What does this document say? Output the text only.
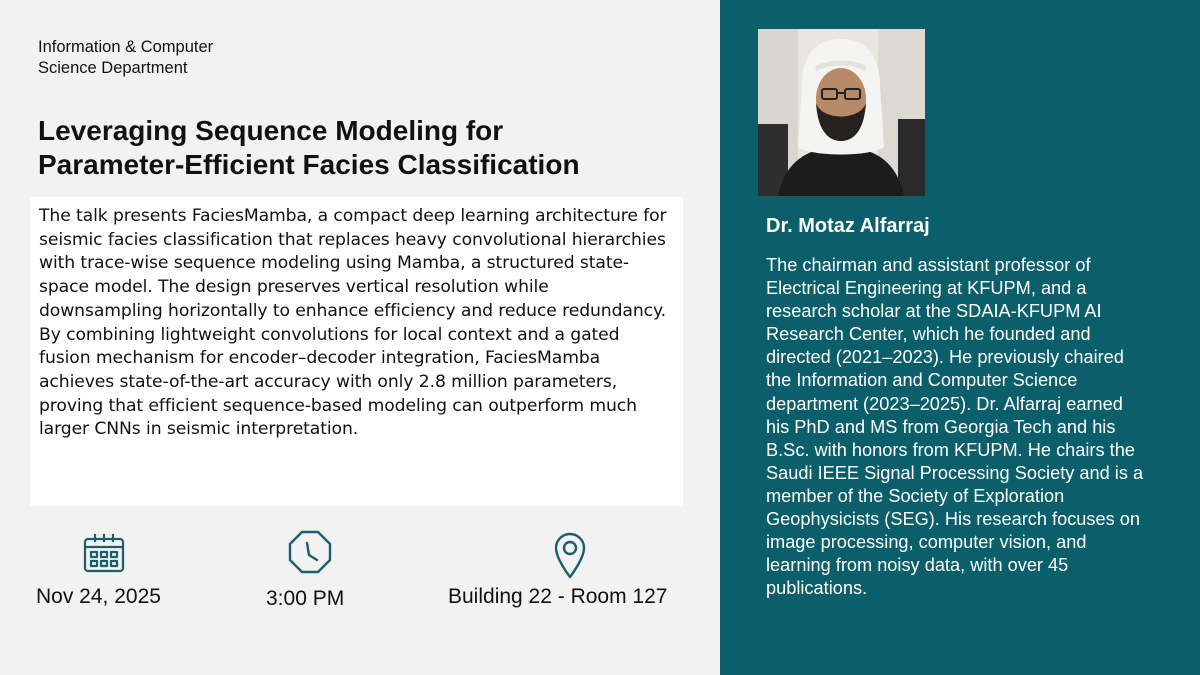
Information & Computer
Science Department
Leveraging Sequence Modeling for
Parameter-Efficient Facies Classification

The talk presents FaciesMamba, a compact deep learning architecture for seismic facies classification that replaces heavy convolutional hierarchies with trace-wise sequence modeling using Mamba, a structured state-space model. The design preserves vertical resolution while downsampling horizontally to enhance efficiency and reduce redundancy. By combining lightweight convolutions for local context and a gated fusion mechanism for encoder–decoder integration, FaciesMamba achieves state-of-the-art accuracy with only 2.8 million parameters, proving that efficient sequence-based modeling can outperform much larger CNNs in seismic interpretation.

Nov 24, 2025	3:00 PM	Building 22 - Room 127
Dr. Motaz Alfarraj

The chairman and assistant professor of Electrical Engineering at KFUPM, and a research scholar at the SDAIA-KFUPM AI Research Center, which he founded and directed (2021–2023). He previously chaired the Information and Computer Science department (2023–2025). Dr. Alfarraj earned his PhD and MS from Georgia Tech and his B.Sc. with honors from KFUPM. He chairs the Saudi IEEE Signal Processing Society and is a member of the Society of Exploration Geophysicists (SEG). His research focuses on image processing, computer vision, and learning from noisy data, with over 45 publications.
